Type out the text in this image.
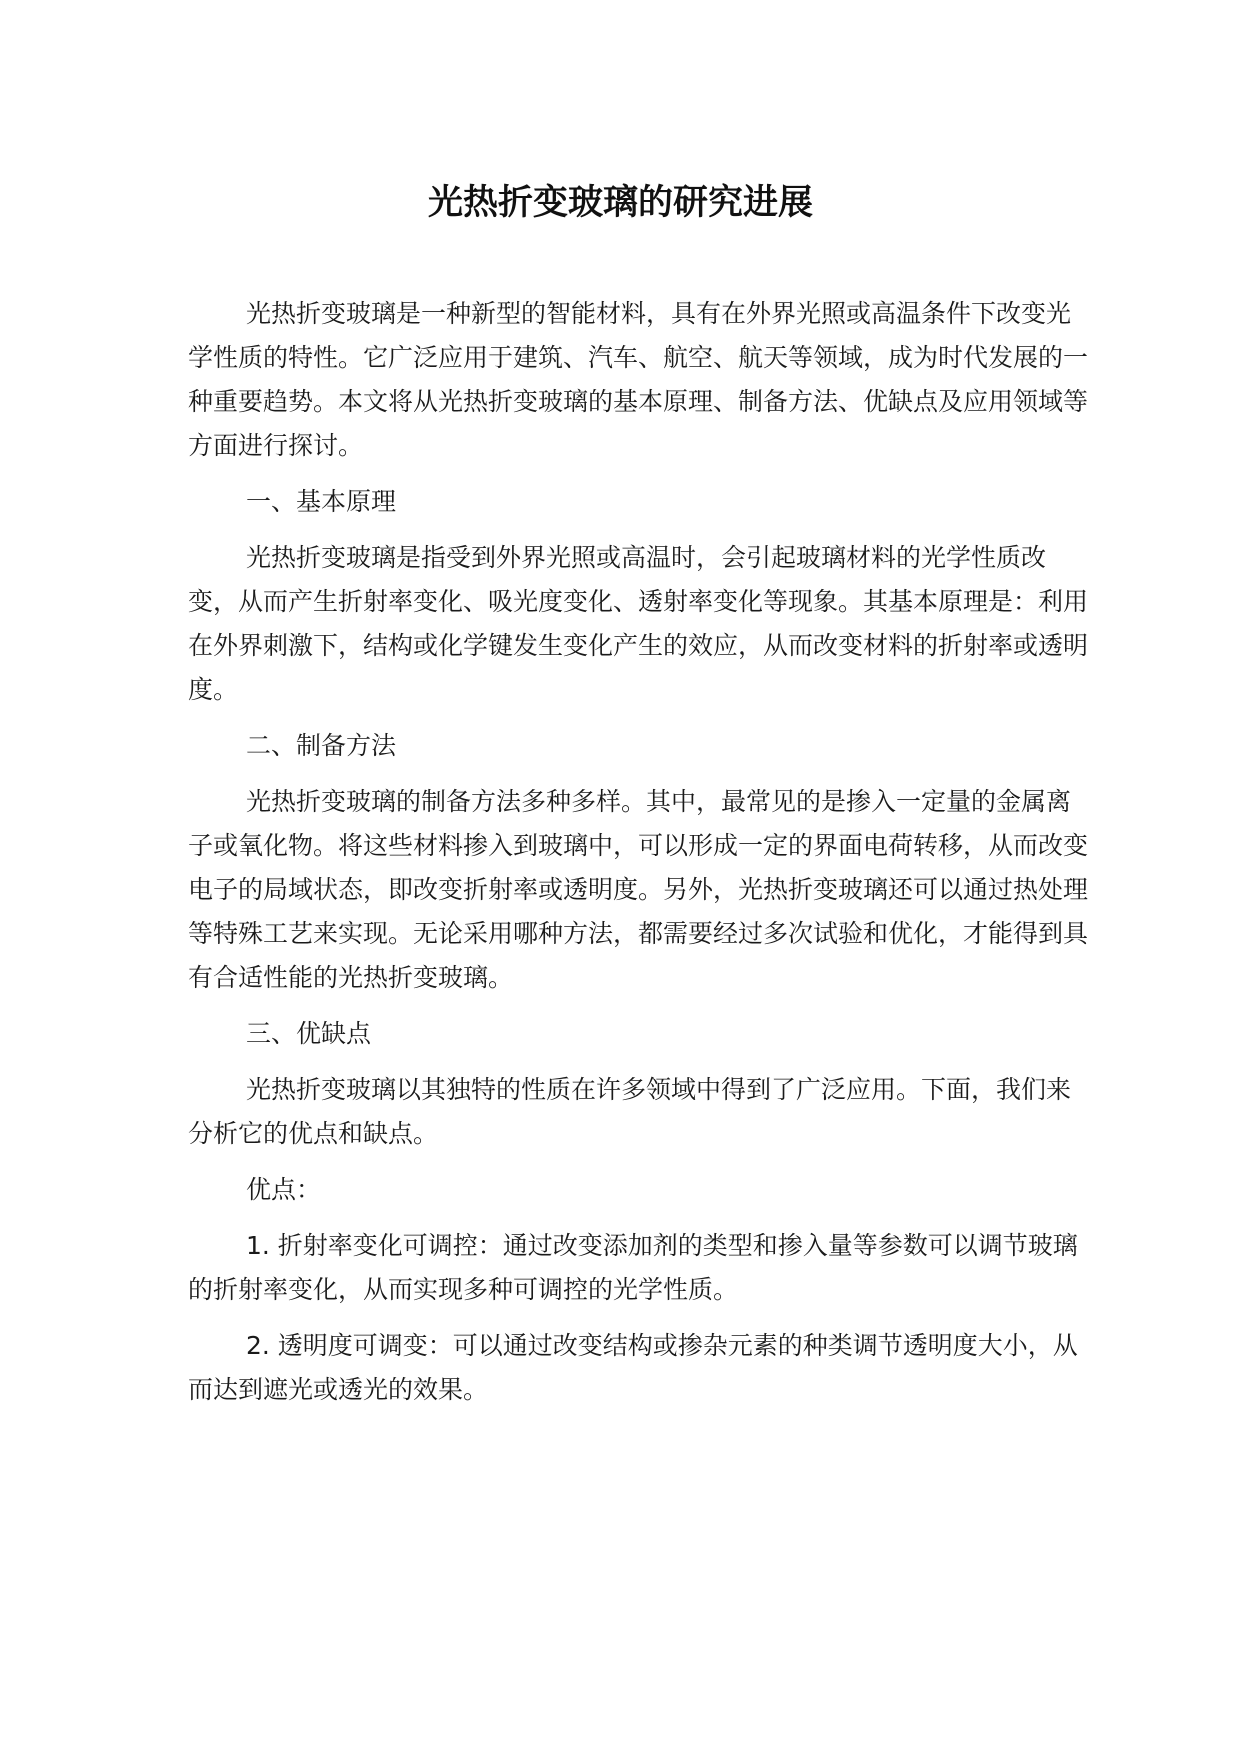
光热折变玻璃的研究进展

光热折变玻璃是一种新型的智能材料，具有在外界光照或高温条件下改变光学性质的特性。它广泛应用于建筑、汽车、航空、航天等领域，成为时代发展的一种重要趋势。本文将从光热折变玻璃的基本原理、制备方法、优缺点及应用领域等方面进行探讨。

一、基本原理

光热折变玻璃是指受到外界光照或高温时，会引起玻璃材料的光学性质改变，从而产生折射率变化、吸光度变化、透射率变化等现象。其基本原理是：利用在外界刺激下，结构或化学键发生变化产生的效应，从而改变材料的折射率或透明度。

二、制备方法

光热折变玻璃的制备方法多种多样。其中，最常见的是掺入一定量的金属离子或氧化物。将这些材料掺入到玻璃中，可以形成一定的界面电荷转移，从而改变电子的局域状态，即改变折射率或透明度。另外，光热折变玻璃还可以通过热处理等特殊工艺来实现。无论采用哪种方法，都需要经过多次试验和优化，才能得到具有合适性能的光热折变玻璃。

三、优缺点

光热折变玻璃以其独特的性质在许多领域中得到了广泛应用。下面，我们来分析它的优点和缺点。

优点：

1. 折射率变化可调控：通过改变添加剂的类型和掺入量等参数可以调节玻璃的折射率变化，从而实现多种可调控的光学性质。

2. 透明度可调变：可以通过改变结构或掺杂元素的种类调节透明度大小，从而达到遮光或透光的效果。
